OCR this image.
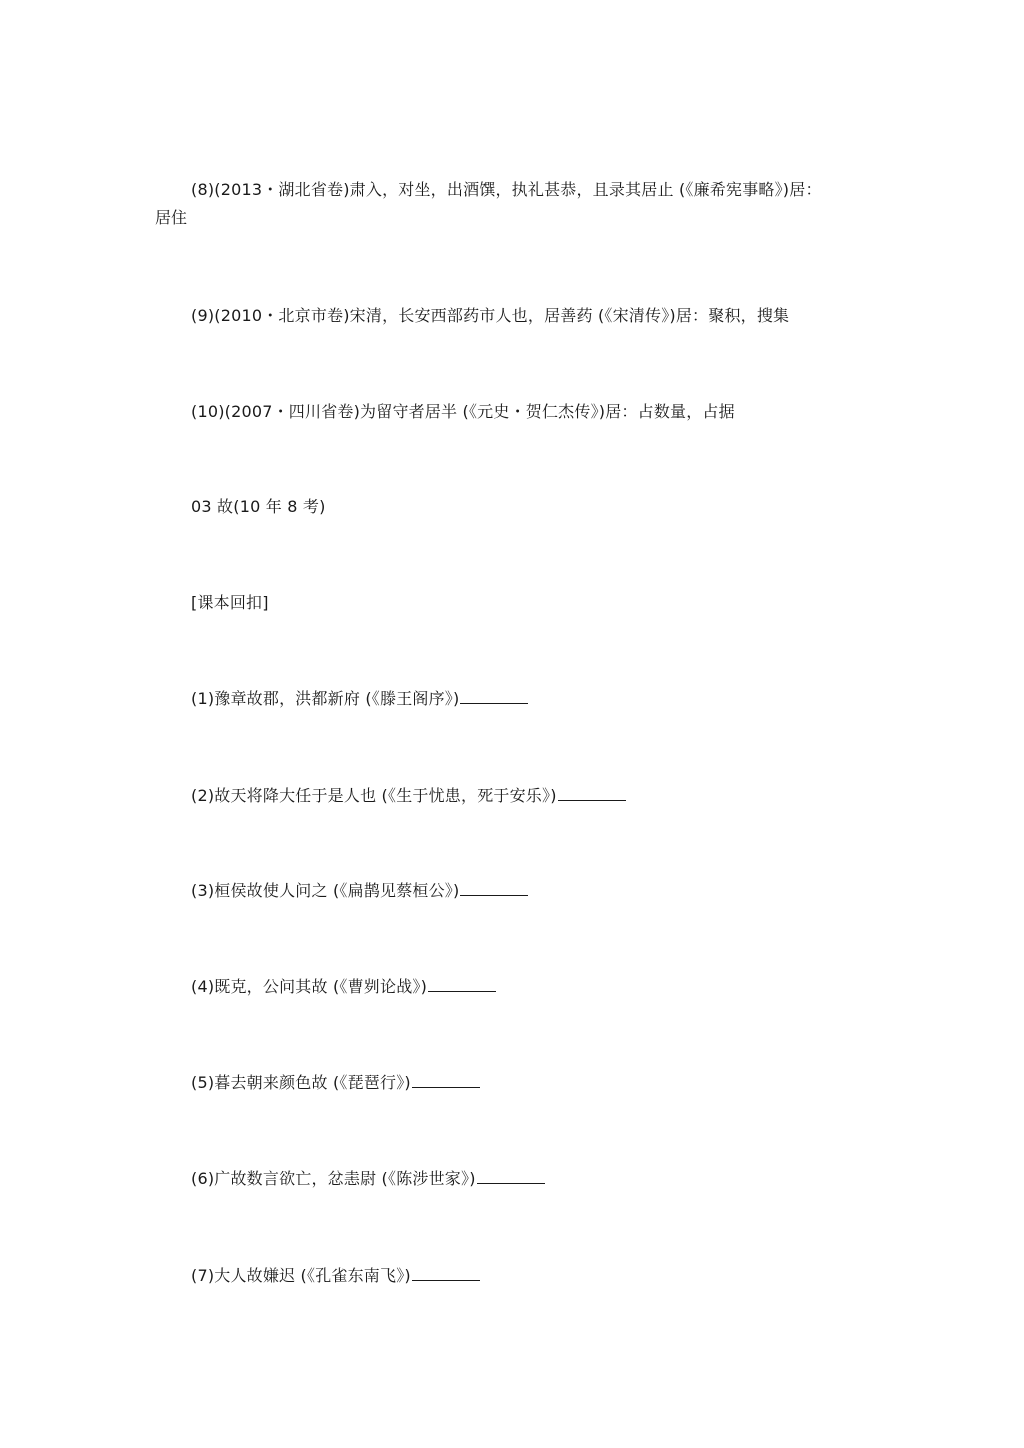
(8)(2013・湖北省卷)肃入，对坐，出酒馔，执礼甚恭，且录其居止 (《廉希宪事略》)居：
居住
(9)(2010・北京市卷)宋清，长安西部药市人也，居善药 (《宋清传》)居：聚积，搜集
(10)(2007・四川省卷)为留守者居半 (《元史・贺仁杰传》)居：占数量，占据
03 故(10 年 8 考)
[课本回扣]
(1)豫章故郡，洪都新府 (《滕王阁序》)
(2)故天将降大任于是人也 (《生于忧患，死于安乐》)
(3)桓侯故使人问之 (《扁鹊见蔡桓公》)
(4)既克，公问其故 (《曹刿论战》)
(5)暮去朝来颜色故 (《琵琶行》)
(6)广故数言欲亡，忿恚尉 (《陈涉世家》)
(7)大人故嫌迟 (《孔雀东南飞》)
